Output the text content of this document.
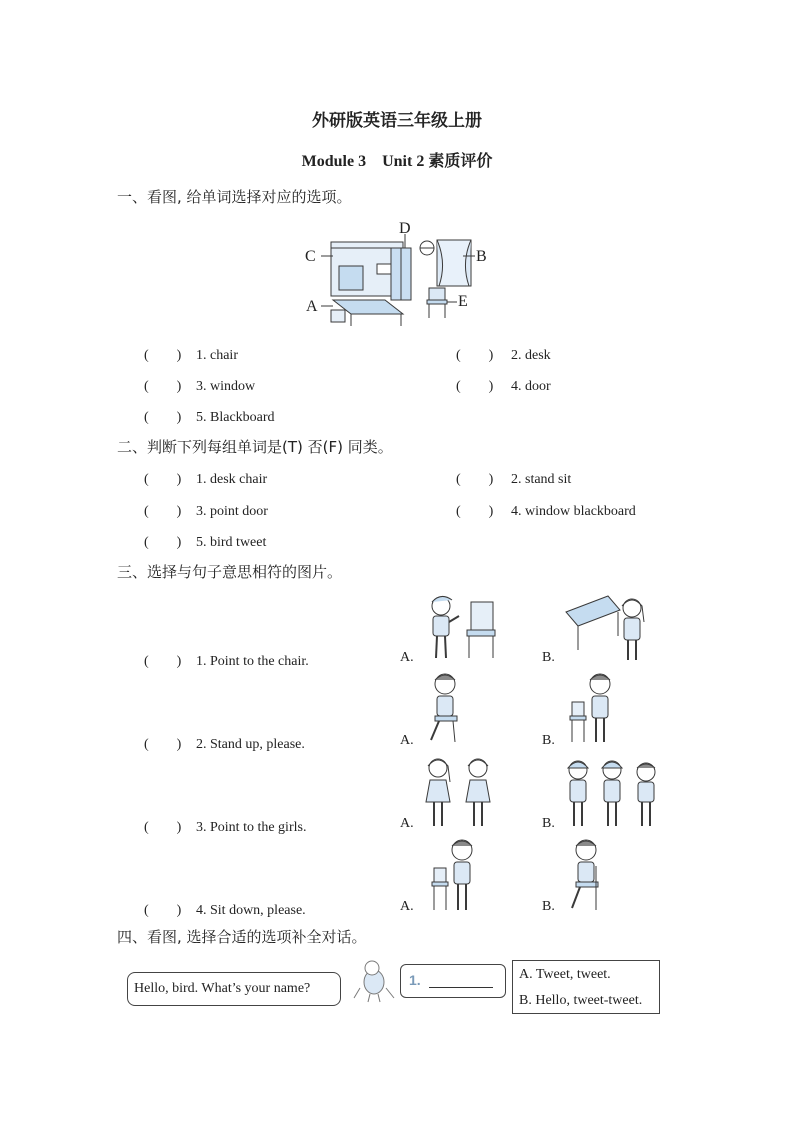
外研版英语三年级上册
Module 3　Unit 2 素质评价
一、看图, 给单词选择对应的选项。
C
D
B
A	E
(　　) 1. chair	(　　) 2. desk
(　　) 3. window	(　　) 4. door
(　　) 5. Blackboard
二、判断下列每组单词是(T) 否(F) 同类。
(　　) 1. desk chair	(　　) 2. stand sit
(　　) 3. point door	(　　) 4. window blackboard
(　　) 5. bird tweet
三、选择与句子意思相符的图片。
(　　) 1. Point to the chair.	A.	B.
(　　) 2. Stand up, please.	A.	B.
(　　) 3. Point to the girls.	A.	B.
(　　) 4. Sit down, please.	A.	B.
四、看图, 选择合适的选项补全对话。
Hello, bird. What’s your name?
1.	A. Tweet, tweet.
B. Hello, tweet-tweet.
